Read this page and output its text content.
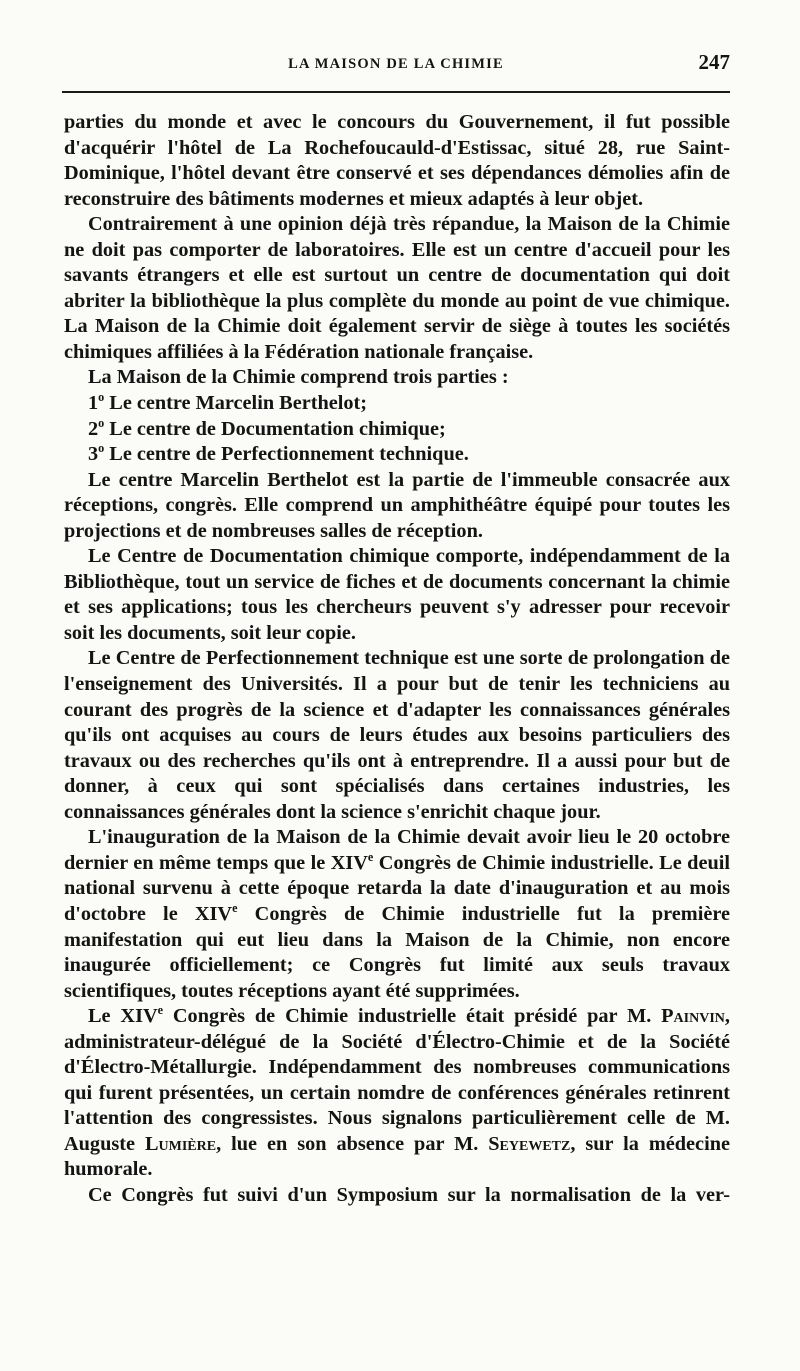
LA MAISON DE LA CHIMIE	247

parties du monde et avec le concours du Gouvernement, il fut possible d'acquérir l'hôtel de La Rochefoucauld-d'Estissac, situé 28, rue Saint-Dominique, l'hôtel devant être conservé et ses dépendances démolies afin de reconstruire des bâtiments modernes et mieux adaptés à leur objet.

Contrairement à une opinion déjà très répandue, la Maison de la Chimie ne doit pas comporter de laboratoires. Elle est un centre d'accueil pour les savants étrangers et elle est surtout un centre de documentation qui doit abriter la bibliothèque la plus complète du monde au point de vue chimique. La Maison de la Chimie doit également servir de siège à toutes les sociétés chimiques affiliées à la Fédération nationale française.

La Maison de la Chimie comprend trois parties :

1$^o$ Le centre Marcelin Berthelot;

2$^o$ Le centre de Documentation chimique;

3$^o$ Le centre de Perfectionnement technique.

Le centre Marcelin Berthelot est la partie de l'immeuble consacrée aux réceptions, congrès. Elle comprend un amphithéâtre équipé pour toutes les projections et de nombreuses salles de réception.

Le Centre de Documentation chimique comporte, indépendamment de la Bibliothèque, tout un service de fiches et de documents concernant la chimie et ses applications; tous les chercheurs peuvent s'y adresser pour recevoir soit les documents, soit leur copie.

Le Centre de Perfectionnement technique est une sorte de prolongation de l'enseignement des Universités. Il a pour but de tenir les techniciens au courant des progrès de la science et d'adapter les connaissances générales qu'ils ont acquises au cours de leurs études aux besoins particuliers des travaux ou des recherches qu'ils ont à entreprendre. Il a aussi pour but de donner, à ceux qui sont spécialisés dans certaines industries, les connaissances générales dont la science s'enrichit chaque jour.

L'inauguration de la Maison de la Chimie devait avoir lieu le 20 octobre dernier en même temps que le XIVe Congrès de Chimie industrielle. Le deuil national survenu à cette époque retarda la date d'inauguration et au mois d'octobre le XIVe Congrès de Chimie industrielle fut la première manifestation qui eut lieu dans la Maison de la Chimie, non encore inaugurée officiellement; ce Congrès fut limité aux seuls travaux scientifiques, toutes réceptions ayant été supprimées.

Le XIVe Congrès de Chimie industrielle était présidé par M. Painvin, administrateur-délégué de la Société d'Électro-Chimie et de la Société d'Électro-Métallurgie. Indépendamment des nombreuses communications qui furent présentées, un certain nomdre de conférences générales retinrent l'attention des congressistes. Nous signalons particulièrement celle de M. Auguste Lumière, lue en son absence par M. Seyewetz, sur la médecine humorale.

Ce Congrès fut suivi d'un Symposium sur la normalisation de la ver-
